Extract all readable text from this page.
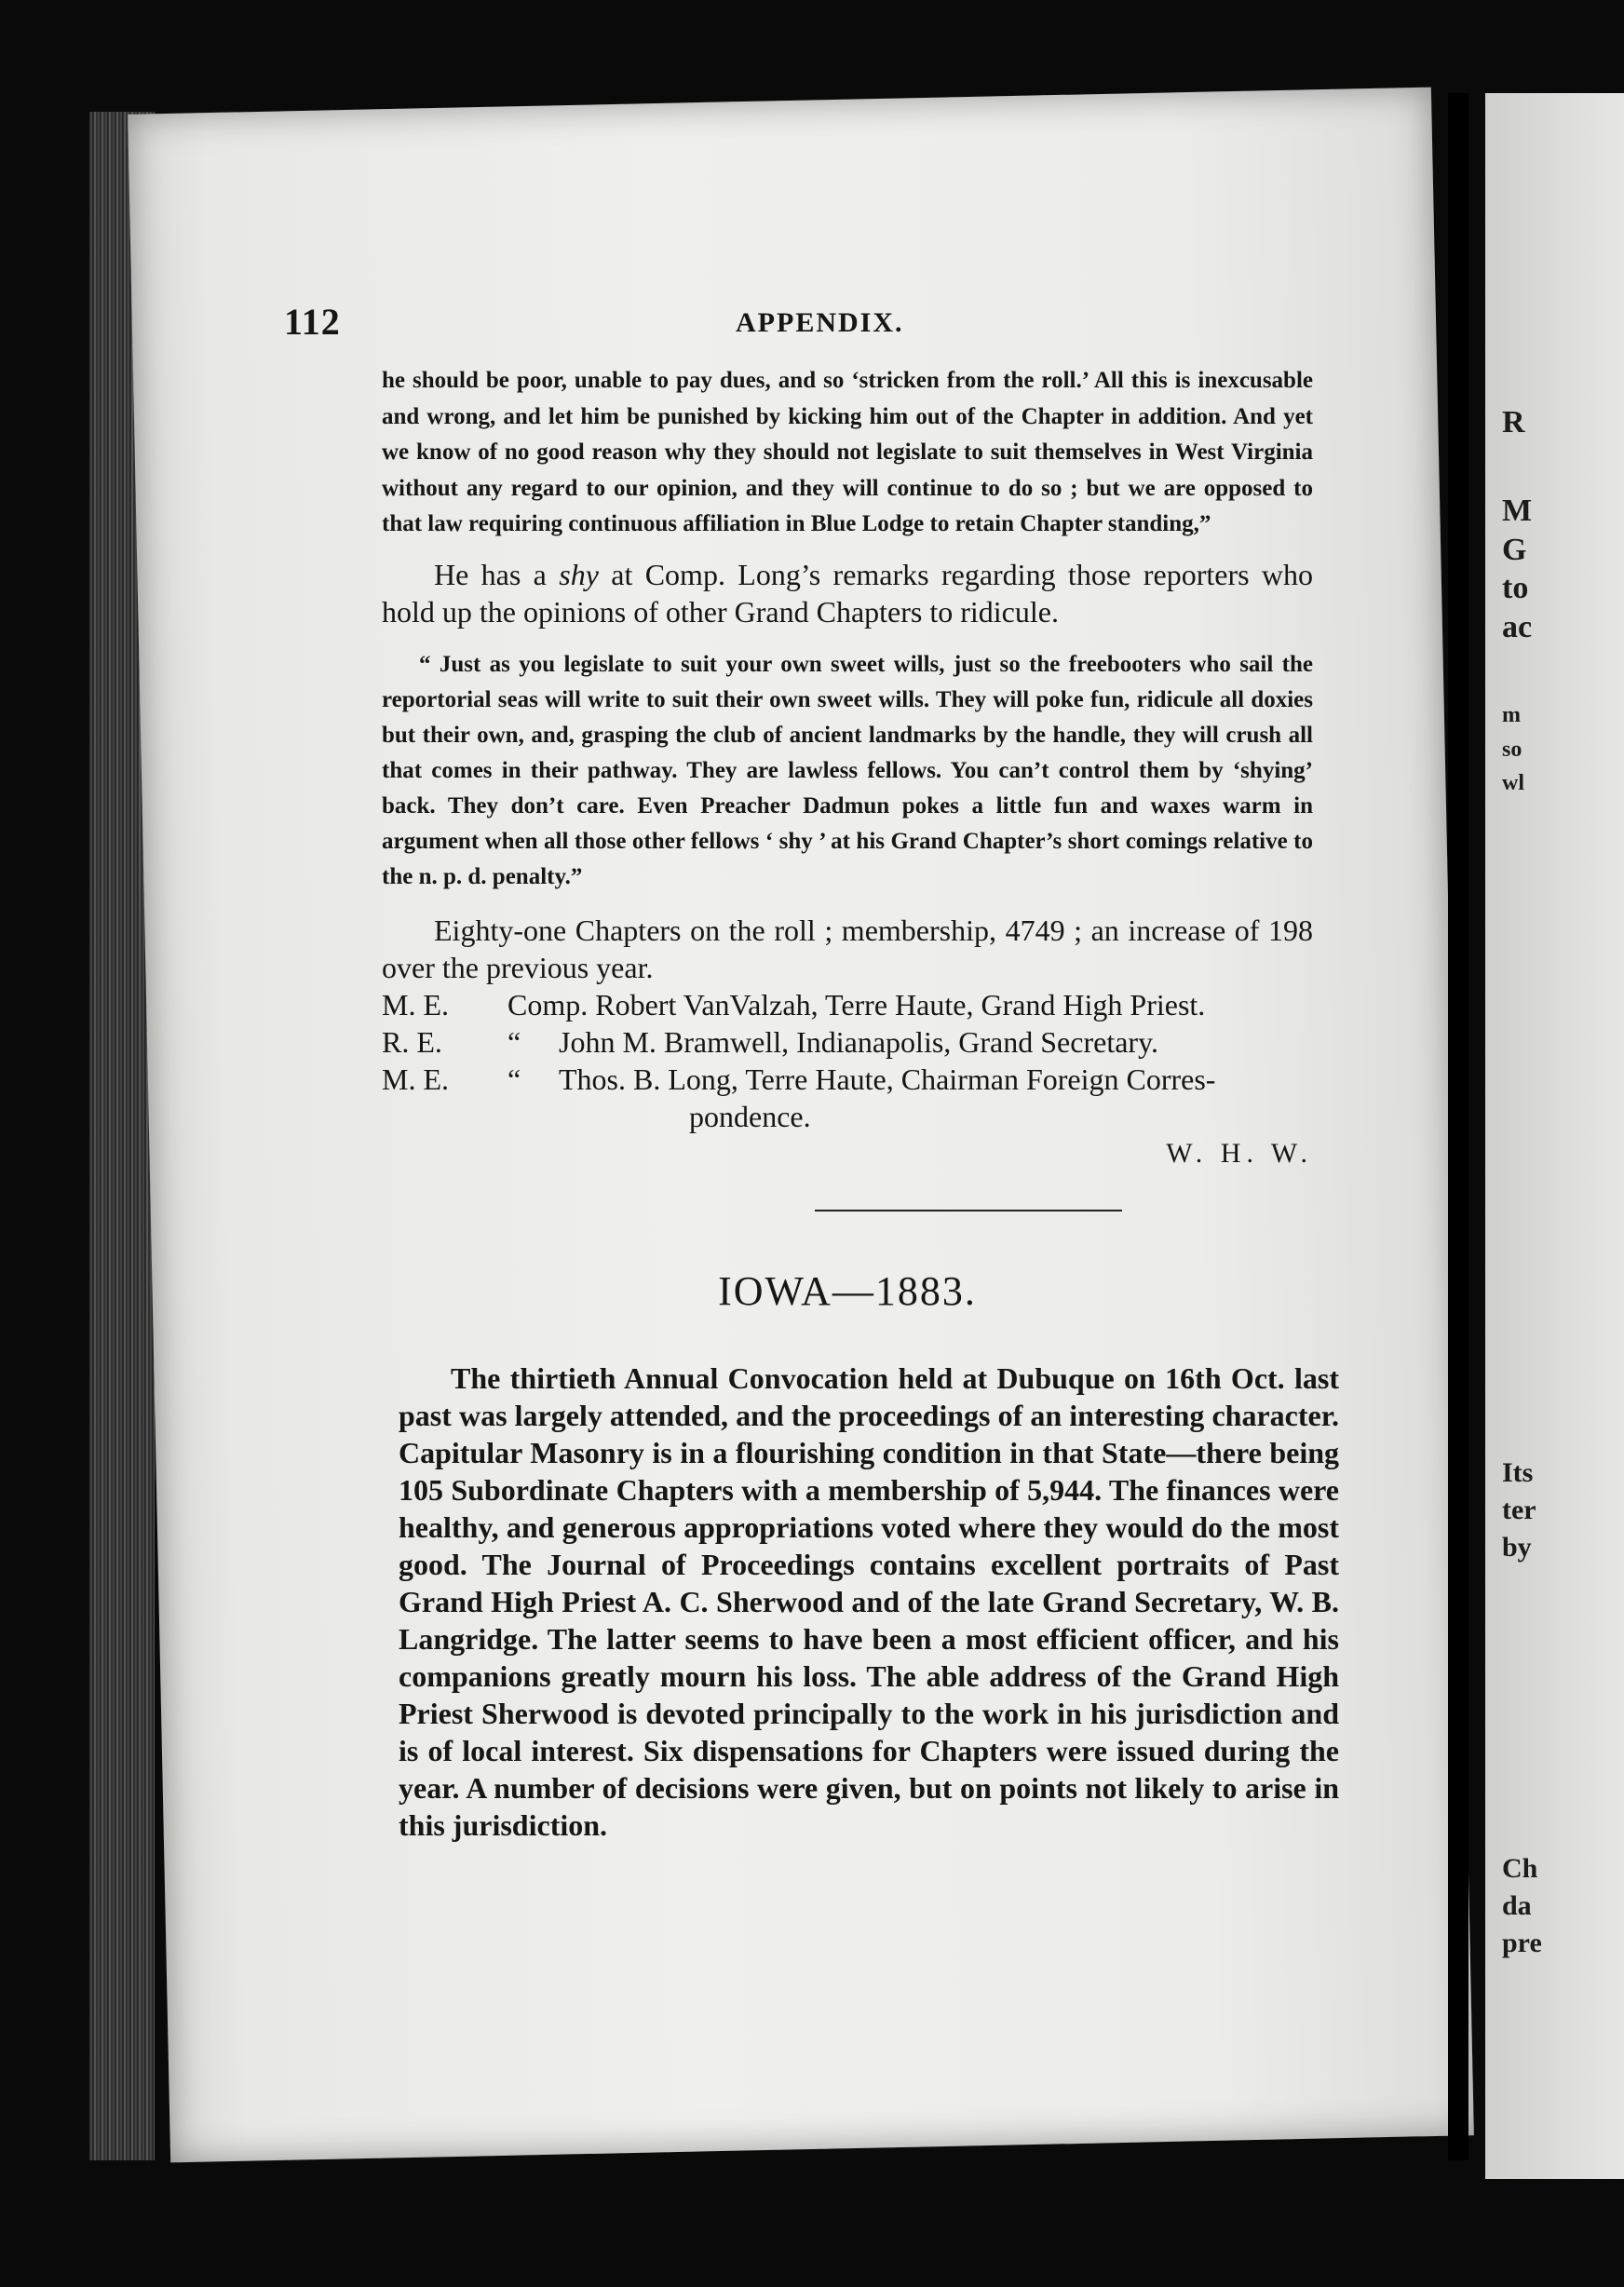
112	APPENDIX.

he should be poor, unable to pay dues, and so ‘stricken from the roll.’ All this is inexcusable and wrong, and let him be punished by kicking him out of the Chapter in addition. And yet we know of no good reason why they should not legislate to suit themselves in West Virginia without any regard to our opinion, and they will continue to do so ; but we are opposed to that law requiring continuous affiliation in Blue Lodge to retain Chapter standing,”

He has a shy at Comp. Long’s remarks regarding those reporters who hold up the opinions of other Grand Chapters to ridicule.

“ Just as you legislate to suit your own sweet wills, just so the freebooters who sail the reportorial seas will write to suit their own sweet wills. They will poke fun, ridicule all doxies but their own, and, grasping the club of ancient landmarks by the handle, they will crush all that comes in their pathway. They are lawless fellows. You can’t control them by ‘shying’ back. They don’t care. Even Preacher Dadmun pokes a little fun and waxes warm in argument when all those other fellows ‘ shy ’ at his Grand Chapter’s short comings relative to the n. p. d. penalty.”

Eighty-one Chapters on the roll ; membership, 4749 ; an increase of 198 over the previous year.

M. E.	Comp. Robert VanValzah, Terre Haute, Grand High Priest.
R. E.	“	John M. Bramwell, Indianapolis, Grand Secretary.
M. E.	“	Thos. B. Long, Terre Haute, Chairman Foreign Corres-
pondence.
W. H. W.
IOWA—1883.

The thirtieth Annual Convocation held at Dubuque on 16th Oct. last past was largely attended, and the proceedings of an interesting character. Capitular Masonry is in a flourishing condition in that State—there being 105 Subordinate Chapters with a membership of 5,944. The finances were healthy, and generous appropriations voted where they would do the most good. The Journal of Proceedings contains excellent portraits of Past Grand High Priest A. C. Sherwood and of the late Grand Secretary, W. B. Langridge. The latter seems to have been a most efficient officer, and his companions greatly mourn his loss. The able address of the Grand High Priest Sherwood is devoted principally to the work in his jurisdiction and is of local interest. Six dispensations for Chapters were issued during the year. A number of decisions were given, but on points not likely to arise in this jurisdiction.

R
M
G
to
ac
m
so
wl
Its
ter
by
Ch
da
pre
